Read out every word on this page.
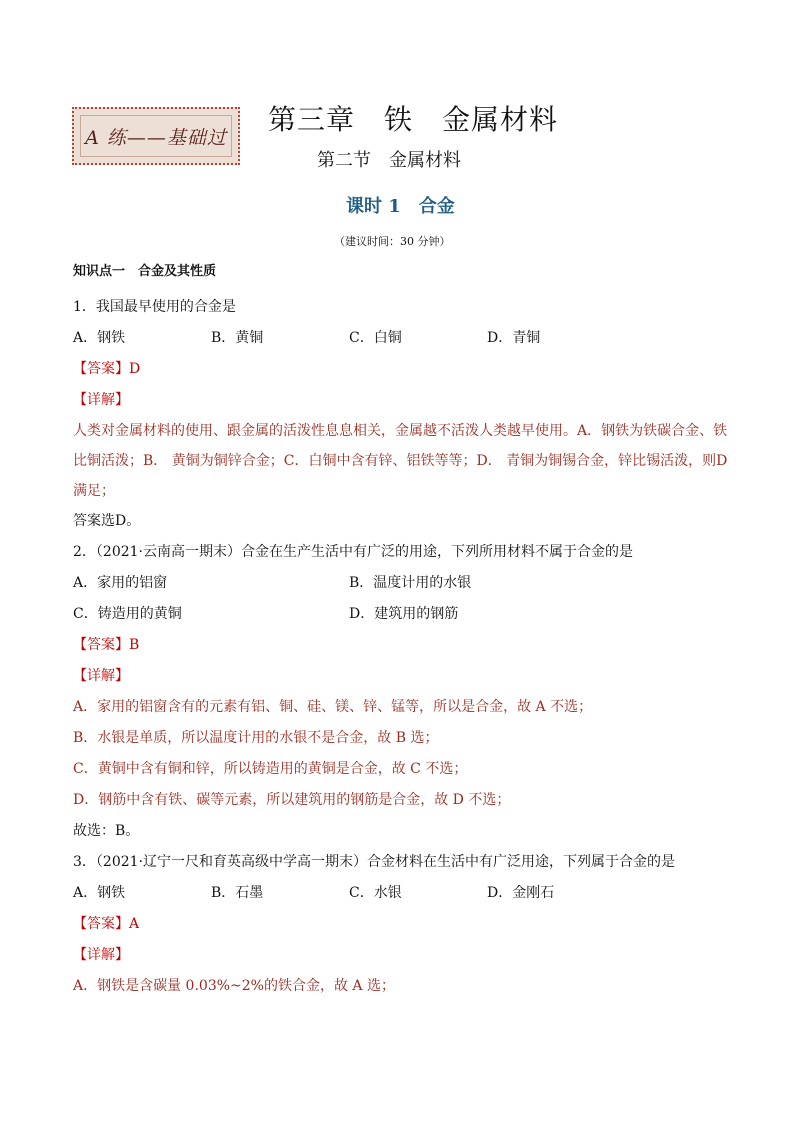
A 练——基础过
第三章　铁　金属材料
第二节　金属材料
课时 1　合金
（建议时间：30 分钟）
知识点一　合金及其性质
1．我国最早使用的合金是
A．钢铁	B．黄铜	C．白铜	D．青铜
【答案】D
【详解】
人类对金属材料的使用、跟金属的活泼性息息相关，金属越不活泼人类越早使用。A．钢铁为铁碳合金、铁比铜活泼；B． 黄铜为铜锌合金；C．白铜中含有锌、铝铁等等；D． 青铜为铜锡合金，锌比锡活泼，则D满足；
答案选D。
2．（2021·云南高一期末）合金在生产生活中有广泛的用途，下列所用材料不属于合金的是
A．家用的铝窗	B．温度计用的水银
C．铸造用的黄铜	D．建筑用的钢筋
【答案】B
【详解】
A．家用的铝窗含有的元素有铝、铜、硅、镁、锌、锰等，所以是合金，故 A 不选；
B．水银是单质，所以温度计用的水银不是合金，故 B 选；
C．黄铜中含有铜和锌，所以铸造用的黄铜是合金，故 C 不选；
D．钢筋中含有铁、碳等元素，所以建筑用的钢筋是合金，故 D 不选；
故选：B。
3．（2021·辽宁一尺和育英高级中学高一期末）合金材料在生活中有广泛用途，下列属于合金的是
A．钢铁	B．石墨	C．水银	D．金刚石
【答案】A
【详解】
A．钢铁是含碳量 0.03%~2%的铁合金，故 A 选；
